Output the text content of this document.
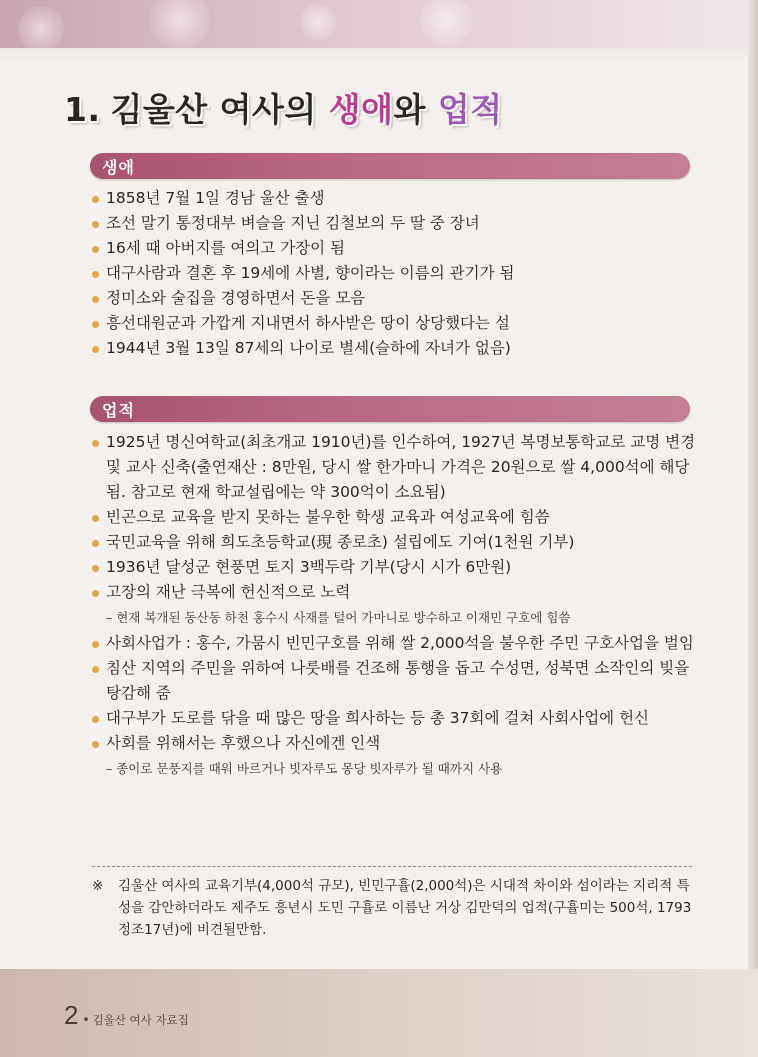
1. 김울산 여사의 생애와 업적
생애
1858년 7월 1일 경남 울산 출생
조선 말기 통정대부 벼슬을 지닌 김철보의 두 딸 중 장녀
16세 때 아버지를 여의고 가장이 됨
대구사람과 결혼 후 19세에 사별, 향이라는 이름의 관기가 됨
정미소와 술집을 경영하면서 돈을 모음
흥선대원군과 가깝게 지내면서 하사받은 땅이 상당했다는 설
1944년 3월 13일 87세의 나이로 별세(슬하에 자녀가 없음)
업적
1925년 명신여학교(최초개교 1910년)를 인수하여, 1927년 복명보통학교로 교명 변경 및 교사 신축(출연재산 : 8만원, 당시 쌀 한가마니 가격은 20원으로 쌀 4,000석에 해당됨. 참고로 현재 학교설립에는 약 300억이 소요됨)
빈곤으로 교육을 받지 못하는 불우한 학생 교육과 여성교육에 힘씀
국민교육을 위해 희도초등학교(現 종로초) 설립에도 기여(1천원 기부)
1936년 달성군 현풍면 토지 3백두락 기부(당시 시가 6만원)
고장의 재난 극복에 헌신적으로 노력
– 현재 복개된 동산동 하천 홍수시 사재를 털어 가마니로 방수하고 이재민 구호에 힘씀
사회사업가 : 홍수, 가뭄시 빈민구호를 위해 쌀 2,000석을 불우한 주민 구호사업을 벌임
침산 지역의 주민을 위하여 나룻배를 건조해 통행을 돕고 수성면, 성북면 소작인의 빚을 탕감해 줌
대구부가 도로를 닦을 때 많은 땅을 희사하는 등 총 37회에 걸쳐 사회사업에 헌신
사회를 위해서는 후했으나 자신에겐 인색
– 종이로 문풍지를 때워 바르거나 빗자루도 몽당 빗자루가 될 때까지 사용
※ 김울산 여사의 교육기부(4,000석 규모), 빈민구휼(2,000석)은 시대적 차이와 섬이라는 지리적 특성을 감안하더라도 제주도 흥년시 도민 구휼로 이름난 거상 김만덕의 업적(구휼미는 500석, 1793 정조17년)에 비견될만함.
2 • 김울산 여사 자료집
